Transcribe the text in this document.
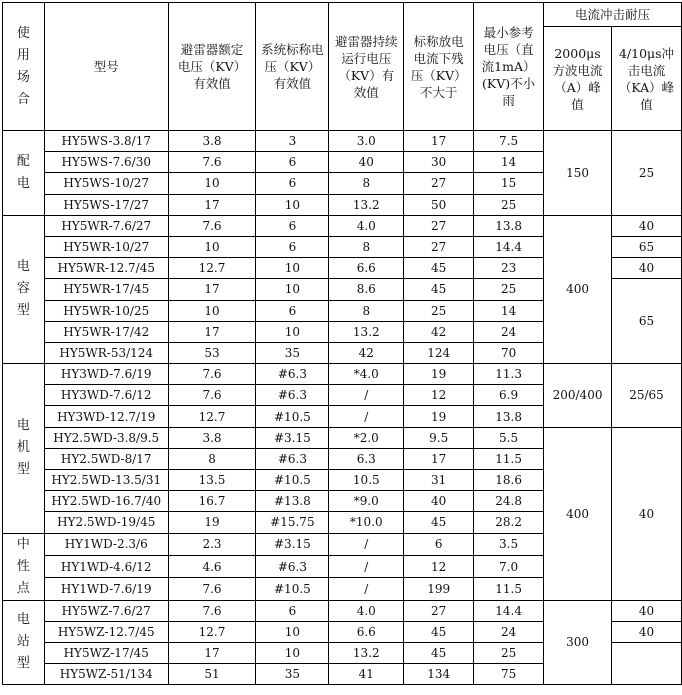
使用场合	型号	避雷器额定电压（KV）有效值	系统标称电压（KV）有效值	避雷器持续运行电压（KV）有效值	标称放电电流下残压（KV）不大于	最小参考电压（直流1mA）(KV)不小雨	电流冲击耐压	
							2000μs方波电流（A）峰值	4/10μs冲击电流（KA）峰值

配电	HY5WS-3.8/17	3.8	3	3.0	17	7.5	150	25
	HY5WS-7.6/30	7.6	6	40	30	14		
	HY5WS-10/27	10	6	8	27	15		
	HY5WS-17/27	17	10	13.2	50	25		

电容型	HY5WR-7.6/27	7.6	6	4.0	27	13.8	400	40
	HY5WR-10/27	10	6	8	27	14.4		65
	HY5WR-12.7/45	12.7	10	6.6	45	23		40
	HY5WR-17/45	17	10	8.6	45	25		65
	HY5WR-10/25	10	6	8	25	14		
	HY5WR-17/42	17	10	13.2	42	24		
	HY5WR-53/124	53	35	42	124	70		

电机型	HY3WD-7.6/19	7.6	#6.3	*4.0	19	11.3	200/400	25/65
	HY3WD-7.6/12	7.6	#6.3	/	12	6.9		
	HY3WD-12.7/19	12.7	#10.5	/	19	13.8		
	HY2.5WD-3.8/9.5	3.8	#3.15	*2.0	9.5	5.5	400	40
	HY2.5WD-8/17	8	#6.3	6.3	17	11.5		
	HY2.5WD-13.5/31	13.5	#10.5	10.5	31	18.6		
	HY2.5WD-16.7/40	16.7	#13.8	*9.0	40	24.8		
	HY2.5WD-19/45	19	#15.75	*10.0	45	28.2		

中性点	HY1WD-2.3/6	2.3	#3.15	/	6	3.5		
	HY1WD-4.6/12	4.6	#6.3	/	12	7.0		
	HY1WD-7.6/19	7.6	#10.5	/	199	11.5		

电站型	HY5WZ-7.6/27	7.6	6	4.0	27	14.4	300	40
	HY5WZ-12.7/45	12.7	10	6.6	45	24		40
	HY5WZ-17/45	17	10	13.2	45	25		
	HY5WZ-51/134	51	35	41	134	75		
